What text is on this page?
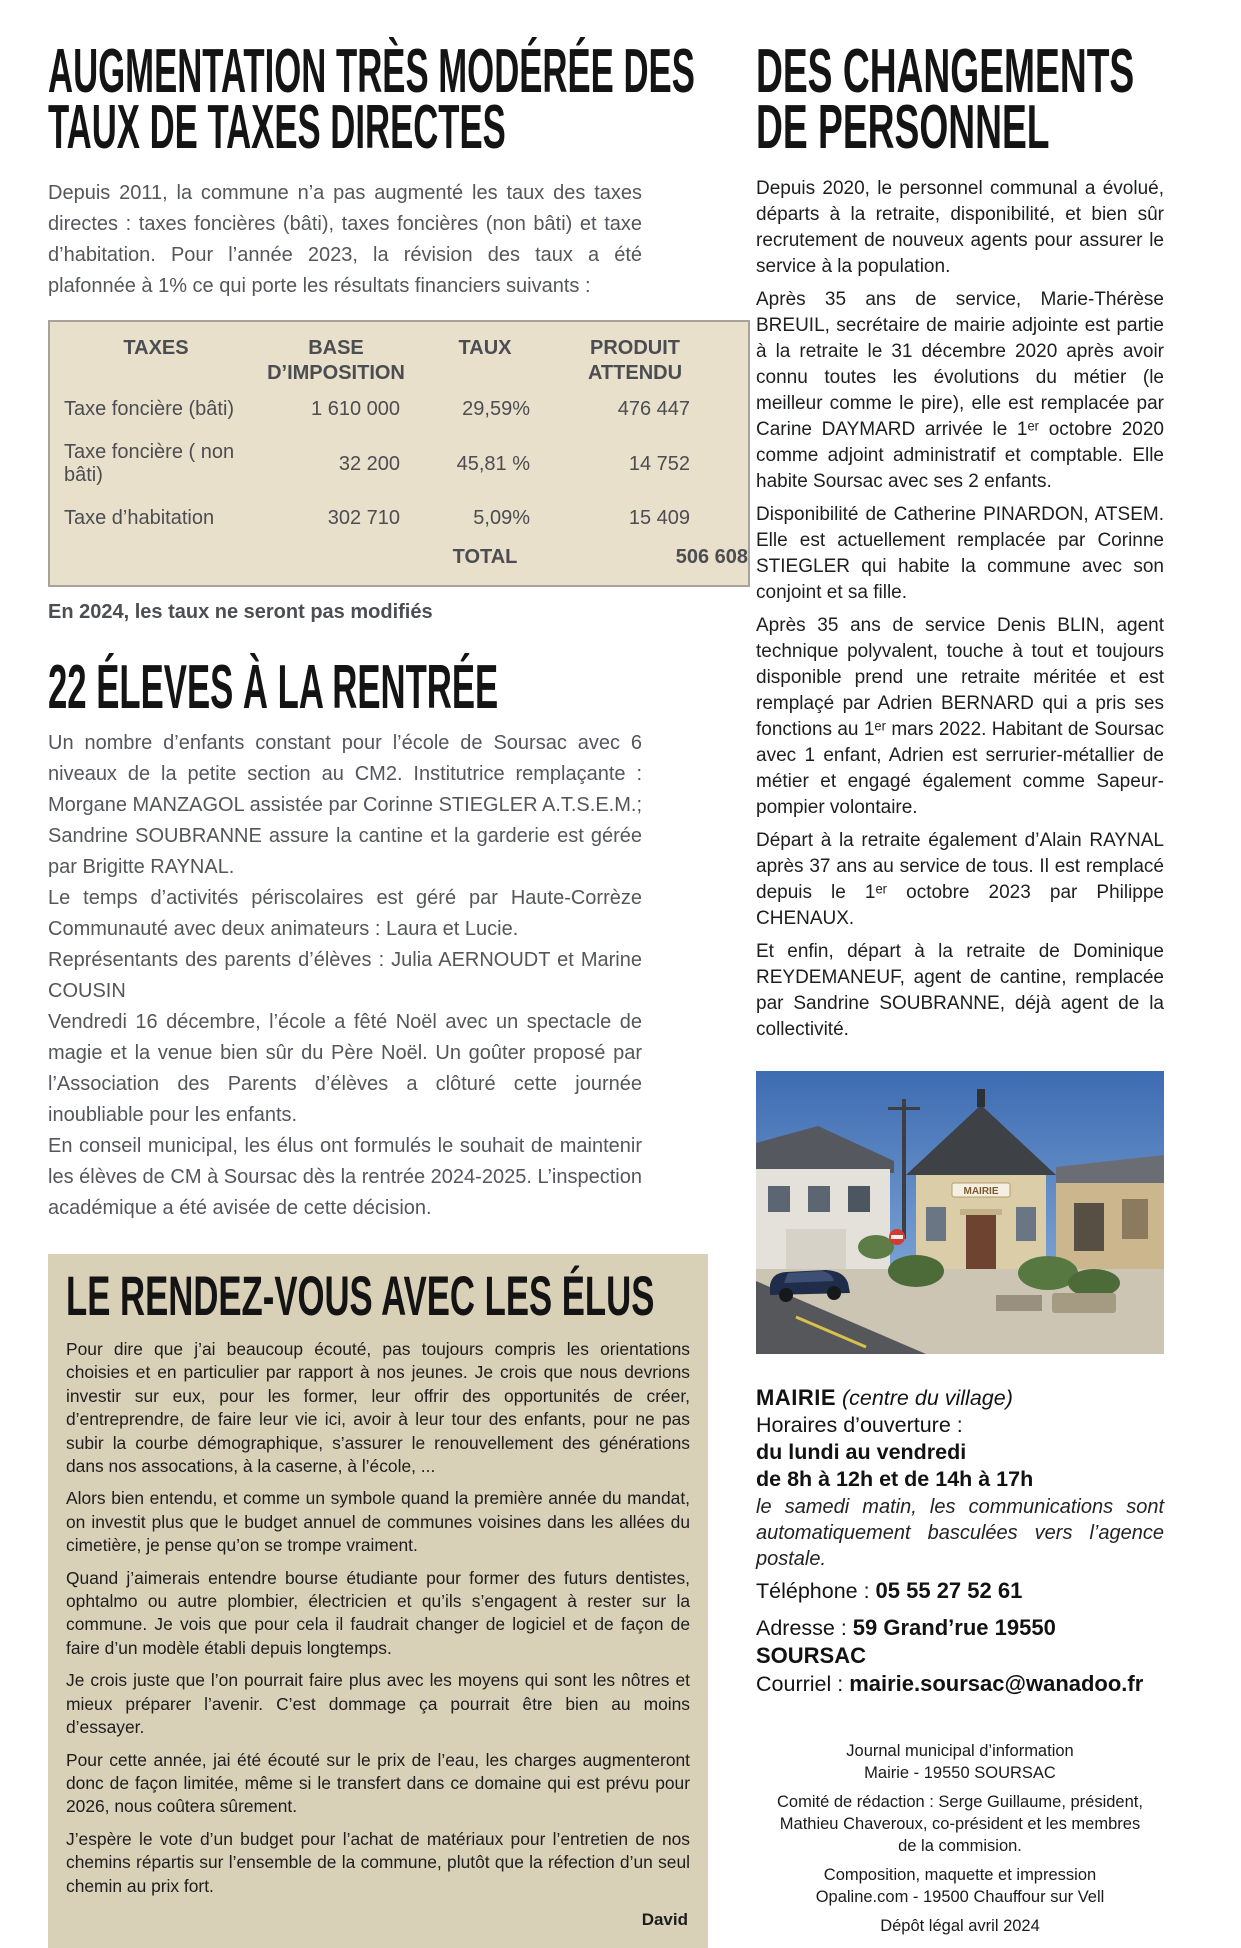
AUGMENTATION TRÈS MODÉRÉE DES
TAUX DE TAXES DIRECTES

Depuis 2011, la commune n’a pas augmenté les taux des taxes directes : taxes foncières (bâti), taxes foncières (non bâti) et taxe d’habitation. Pour l’année 2023, la révision des taux a été plafonnée à 1% ce qui porte les résultats financiers suivants :

TAXES	BASE D’IMPOSITION	TAUX	PRODUIT ATTENDU
Taxe foncière (bâti)	1 610 000	29,59%	476 447
Taxe foncière ( non bâti)	32 200	45,81 %	14 752
Taxe d’habitation	302 710	5,09%	15 409
		TOTAL	506 608

En 2024, les taux ne seront pas modifiés

22 ÉLEVES À LA RENTRÉE

Un nombre d’enfants constant pour l’école de Soursac avec 6 niveaux de la petite section au CM2. Institutrice remplaçante : Morgane MANZAGOL assistée par Corinne STIEGLER A.T.S.E.M.; Sandrine SOUBRANNE assure la cantine et la garderie est gérée par Brigitte RAYNAL.

Le temps d’activités périscolaires est géré par Haute-Corrèze Communauté avec deux animateurs : Laura et Lucie.

Représentants des parents d’élèves : Julia AERNOUDT et Marine COUSIN

Vendredi 16 décembre, l’école a fêté Noël avec un spectacle de magie et la venue bien sûr du Père Noël. Un goûter proposé par l’Association des Parents d’élèves a clôturé cette journée inoubliable pour les enfants.

En conseil municipal, les élus ont formulés le souhait de maintenir les élèves de CM à Soursac dès la rentrée 2024-2025. L’inspection académique a été avisée de cette décision.

LE RENDEZ-VOUS AVEC LES ÉLUS

Pour dire que j’ai beaucoup écouté, pas toujours compris les orientations choisies et en particulier par rapport à nos jeunes. Je crois que nous devrions investir sur eux, pour les former, leur offrir des opportunités de créer, d’entreprendre, de faire leur vie ici, avoir à leur tour des enfants, pour ne pas subir la courbe démographique, s’assurer le renouvellement des générations dans nos assocations, à la caserne, à l’école, ...

Alors bien entendu, et comme un symbole quand la première année du mandat, on investit plus que le budget annuel de communes voisines dans les allées du cimetière, je pense qu’on se trompe vraiment.

Quand j’aimerais entendre bourse étudiante pour former des futurs dentistes, ophtalmo ou autre plombier, électricien et qu’ils s’engagent à rester sur la commune. Je vois que pour cela il faudrait changer de logiciel et de façon de faire d’un modèle établi depuis longtemps.

Je crois juste que l’on pourrait faire plus avec les moyens qui sont les nôtres et mieux préparer l’avenir. C’est dommage ça pourrait être bien au moins d’essayer.

Pour cette année, jai été écouté sur le prix de l’eau, les charges augmenteront donc de façon limitée, même si le transfert dans ce domaine qui est prévu pour 2026, nous coûtera sûrement.

J’espère le vote d’un budget pour l’achat de matériaux pour l’entretien de nos chemins répartis sur l’ensemble de la commune, plutôt que la réfection d’un seul chemin au prix fort.

David

DES CHANGEMENTS
DE PERSONNEL

Depuis 2020, le personnel communal a évolué, départs à la retraite, disponibilité, et bien sûr recrutement de nouveux agents pour assurer le service à la population.

Après 35 ans de service, Marie-Thérèse BREUIL, secrétaire de mairie adjointe est partie à la retraite le 31 décembre 2020 après avoir connu toutes les évolutions du métier (le meilleur comme le pire), elle est remplacée par Carine DAYMARD arrivée le 1ᵉʳ octobre 2020 comme adjoint administratif et comptable. Elle habite Soursac avec ses 2 enfants.

Disponibilité de Catherine PINARDON, ATSEM. Elle est actuellement remplacée par Corinne STIEGLER qui habite la commune avec son conjoint et sa fille.

Après 35 ans de service Denis BLIN, agent technique polyvalent, touche à tout et toujours disponible prend une retraite méritée et est remplaçé par Adrien BERNARD qui a pris ses fonctions au 1ᵉʳ mars 2022. Habitant de Soursac avec 1 enfant, Adrien est serrurier-métallier de métier et engagé également comme Sapeur-pompier volontaire.

Départ à la retraite également d’Alain RAYNAL après 37 ans au service de tous. Il est remplacé depuis le 1ᵉʳ octobre 2023 par Philippe CHENAUX.

Et enfin, départ à la retraite de Dominique REYDEMANEUF, agent de cantine, remplacée par Sandrine SOUBRANNE, déjà agent de la collectivité.

MAIRIE

MAIRIE (centre du village)

Horaires d’ouverture :

du lundi au vendredi

de 8h à 12h et de 14h à 17h

le samedi matin, les communications sont automatiquement basculées vers l’agence postale.

Téléphone : 05 55 27 52 61

Adresse : 59 Grand’rue 19550 SOURSAC

Courriel : mairie.soursac@wanadoo.fr

Journal municipal d’information

Mairie - 19550 SOURSAC

Comité de rédaction : Serge Guillaume, président,

Mathieu Chaveroux, co-président et les membres

de la commision.

Composition, maquette et impression

Opaline.com - 19500 Chauffour sur Vell

Dépôt légal avril 2024
